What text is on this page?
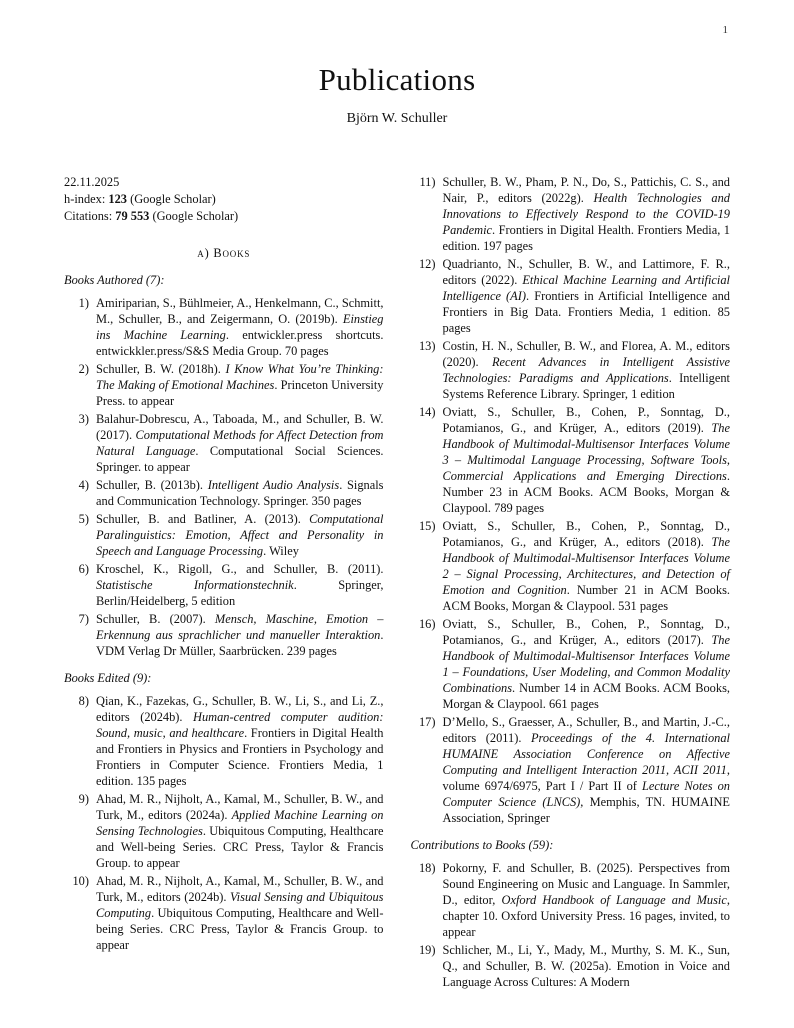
1
Publications
Björn W. Schuller
22.11.2025
h-index: 123 (Google Scholar)
Citations: 79 553 (Google Scholar)
a) Books
Books Authored (7):
1) Amiriparian, S., Bühlmeier, A., Henkelmann, C., Schmitt, M., Schuller, B., and Zeigermann, O. (2019b). Einstieg ins Machine Learning. entwickler.press shortcuts. entwickkler.press/S&S Media Group. 70 pages
2) Schuller, B. W. (2018h). I Know What You’re Thinking: The Making of Emotional Machines. Princeton University Press. to appear
3) Balahur-Dobrescu, A., Taboada, M., and Schuller, B. W. (2017). Computational Methods for Affect Detection from Natural Language. Computational Social Sciences. Springer. to appear
4) Schuller, B. (2013b). Intelligent Audio Analysis. Signals and Communication Technology. Springer. 350 pages
5) Schuller, B. and Batliner, A. (2013). Computational Paralinguistics: Emotion, Affect and Personality in Speech and Language Processing. Wiley
6) Kroschel, K., Rigoll, G., and Schuller, B. (2011). Statistische Informationstechnik. Springer, Berlin/Heidelberg, 5 edition
7) Schuller, B. (2007). Mensch, Maschine, Emotion – Erkennung aus sprachlicher und manueller Interaktion. VDM Verlag Dr Müller, Saarbrücken. 239 pages
Books Edited (9):
8) Qian, K., Fazekas, G., Schuller, B. W., Li, S., and Li, Z., editors (2024b). Human-centred computer audition: Sound, music, and healthcare. Frontiers in Digital Health and Frontiers in Physics and Frontiers in Psychology and Frontiers in Computer Science. Frontiers Media, 1 edition. 135 pages
9) Ahad, M. R., Nijholt, A., Kamal, M., Schuller, B. W., and Turk, M., editors (2024a). Applied Machine Learning on Sensing Technologies. Ubiquitous Computing, Healthcare and Well-being Series. CRC Press, Taylor & Francis Group. to appear
10) Ahad, M. R., Nijholt, A., Kamal, M., Schuller, B. W., and Turk, M., editors (2024b). Visual Sensing and Ubiquitous Computing. Ubiquitous Computing, Healthcare and Well-being Series. CRC Press, Taylor & Francis Group. to appear
11) Schuller, B. W., Pham, P. N., Do, S., Pattichis, C. S., and Nair, P., editors (2022g). Health Technologies and Innovations to Effectively Respond to the COVID-19 Pandemic. Frontiers in Digital Health. Frontiers Media, 1 edition. 197 pages
12) Quadrianto, N., Schuller, B. W., and Lattimore, F. R., editors (2022). Ethical Machine Learning and Artificial Intelligence (AI). Frontiers in Artificial Intelligence and Frontiers in Big Data. Frontiers Media, 1 edition. 85 pages
13) Costin, H. N., Schuller, B. W., and Florea, A. M., editors (2020). Recent Advances in Intelligent Assistive Technologies: Paradigms and Applications. Intelligent Systems Reference Library. Springer, 1 edition
14) Oviatt, S., Schuller, B., Cohen, P., Sonntag, D., Potamianos, G., and Krüger, A., editors (2019). The Handbook of Multimodal-Multisensor Interfaces Volume 3 – Multimodal Language Processing, Software Tools, Commercial Applications and Emerging Directions. Number 23 in ACM Books. ACM Books, Morgan & Claypool. 789 pages
15) Oviatt, S., Schuller, B., Cohen, P., Sonntag, D., Potamianos, G., and Krüger, A., editors (2018). The Handbook of Multimodal-Multisensor Interfaces Volume 2 – Signal Processing, Architectures, and Detection of Emotion and Cognition. Number 21 in ACM Books. ACM Books, Morgan & Claypool. 531 pages
16) Oviatt, S., Schuller, B., Cohen, P., Sonntag, D., Potamianos, G., and Krüger, A., editors (2017). The Handbook of Multimodal-Multisensor Interfaces Volume 1 – Foundations, User Modeling, and Common Modality Combinations. Number 14 in ACM Books. ACM Books, Morgan & Claypool. 661 pages
17) D’Mello, S., Graesser, A., Schuller, B., and Martin, J.-C., editors (2011). Proceedings of the 4. International HUMAINE Association Conference on Affective Computing and Intelligent Interaction 2011, ACII 2011, volume 6974/6975, Part I / Part II of Lecture Notes on Computer Science (LNCS), Memphis, TN. HUMAINE Association, Springer
Contributions to Books (59):
18) Pokorny, F. and Schuller, B. (2025). Perspectives from Sound Engineering on Music and Language. In Sammler, D., editor, Oxford Handbook of Language and Music, chapter 10. Oxford University Press. 16 pages, invited, to appear
19) Schlicher, M., Li, Y., Mady, M., Murthy, S. M. K., Sun, Q., and Schuller, B. W. (2025a). Emotion in Voice and Language Across Cultures: A Modern
